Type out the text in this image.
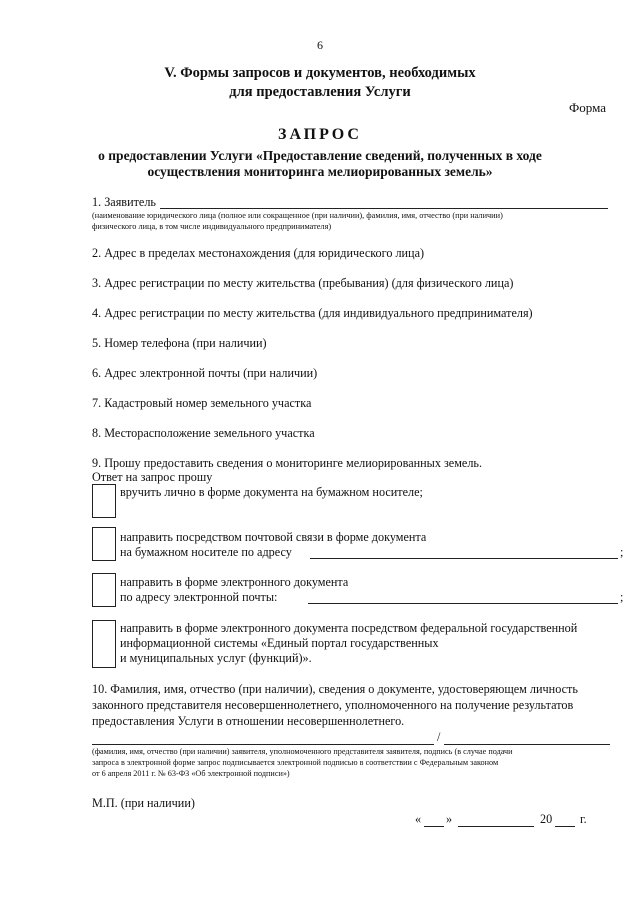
6
V. Формы запросов и документов, необходимых
для предоставления Услуги
Форма
ЗАПРОС
о предоставлении Услуги «Предоставление сведений, полученных в ходе
осуществления мониторинга мелиорированных земель»
1. Заявитель
(наименование юридического лица (полное или сокращенное (при наличии), фамилия, имя, отчество (при наличии)
физического лица, в том числе индивидуального предпринимателя)
2. Адрес в пределах местонахождения (для юридического лица)
3. Адрес регистрации по месту жительства (пребывания) (для физического лица)
4. Адрес регистрации по месту жительства (для индивидуального предпринимателя)
5. Номер телефона (при наличии)
6. Адрес электронной почты (при наличии)
7. Кадастровый номер земельного участка
8. Месторасположение земельного участка
9. Прошу предоставить сведения о мониторинге мелиорированных земель.
Ответ на запрос прошу
вручить лично в форме документа на бумажном носителе;
направить посредством почтовой связи в форме документа
на бумажном носителе по адресу	;
направить в форме электронного документа
по адресу электронной почты:	;
направить в форме электронного документа посредством федеральной государственной
информационной системы «Единый портал государственных
и муниципальных услуг (функций)».
10. Фамилия, имя, отчество (при наличии), сведения о документе, удостоверяющем личность
законного представителя несовершеннолетнего, уполномоченного на получение результатов
предоставления Услуги в отношении несовершеннолетнего.
/
(фамилия, имя, отчество (при наличии) заявителя, уполномоченного представителя заявителя, подпись (в случае подачи
запроса в электронной форме запрос подписывается электронной подписью в соответствии с Федеральным законом
от 6 апреля 2011 г. № 63-ФЗ «Об электронной подписи»)
М.П. (при наличии)
« »	20 г.
